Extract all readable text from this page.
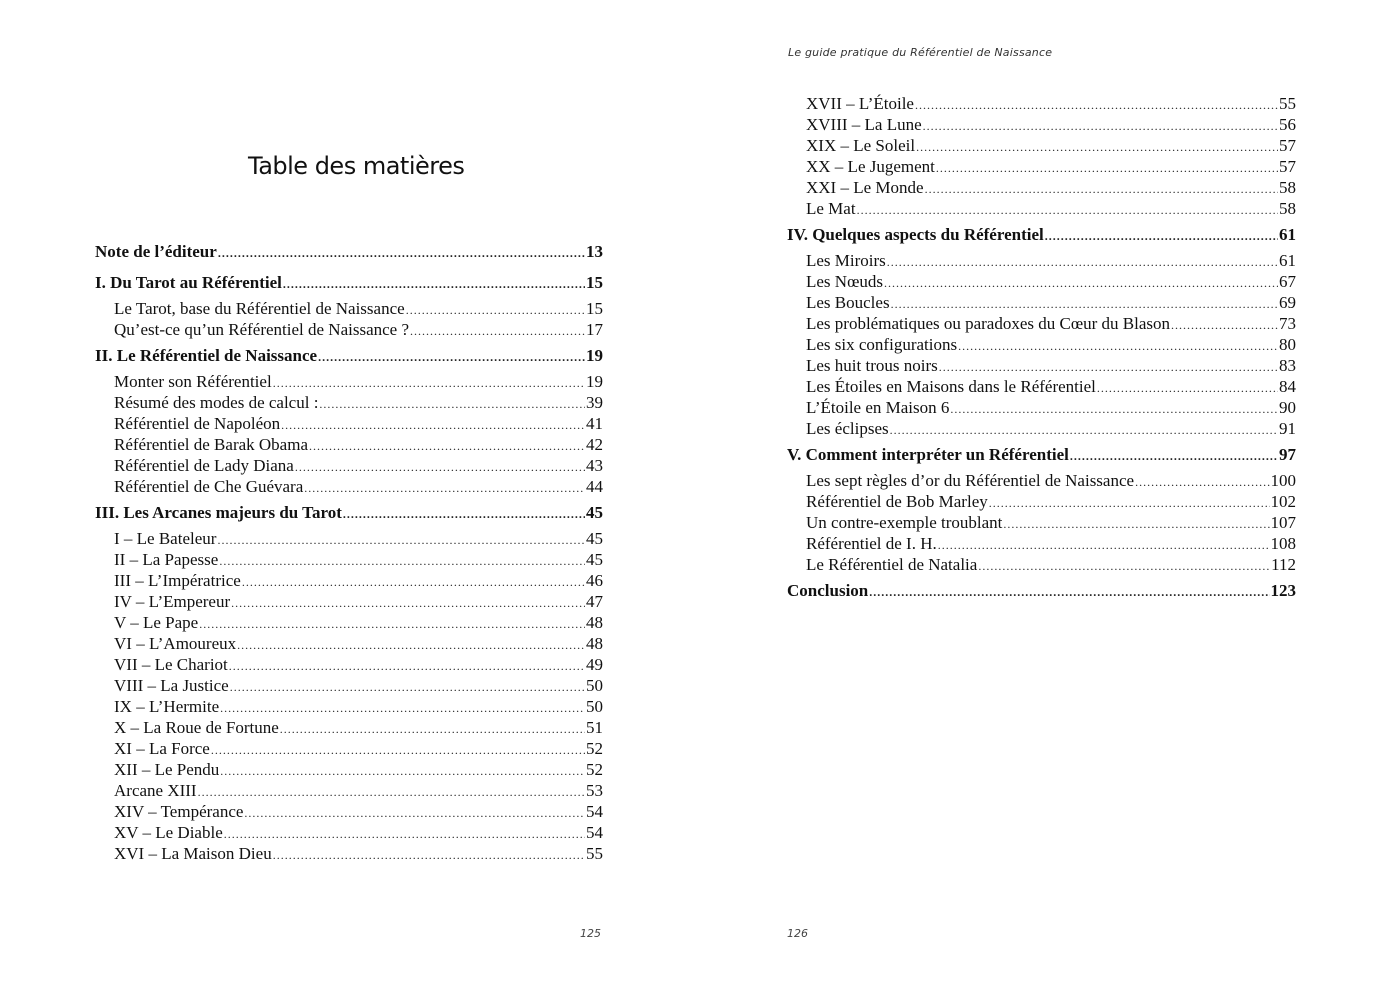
Table des matières
Note de l’éditeur .....	13
I. Du Tarot au Référentiel .....	15
Le Tarot, base du Référentiel de Naissance .....	15
Qu’est-ce qu’un Référentiel de Naissance ? .....	17
II. Le Référentiel de Naissance .....	19
Monter son Référentiel .....	19
Résumé des modes de calcul : .....	39
Référentiel de Napoléon .....	41
Référentiel de Barak Obama .....	42
Référentiel de Lady Diana .....	43
Référentiel de Che Guévara .....	44
III. Les Arcanes majeurs du Tarot .....	45
I – Le Bateleur .....	45
II – La Papesse .....	45
III – L’Impératrice .....	46
IV – L’Empereur .....	47
V – Le Pape .....	48
VI – L’Amoureux .....	48
VII – Le Chariot .....	49
VIII – La Justice .....	50
IX – L’Hermite .....	50
X – La Roue de Fortune .....	51
XI – La Force .....	52
XII – Le Pendu .....	52
Arcane XIII .....	53
XIV – Tempérance .....	54
XV – Le Diable .....	54
XVI – La Maison Dieu .....	55
125
Le guide pratique du Référentiel de Naissance
XVII – L’Étoile .....	55
XVIII – La Lune .....	56
XIX – Le Soleil .....	57
XX – Le Jugement .....	57
XXI – Le Monde .....	58
Le Mat .....	58
IV. Quelques aspects du Référentiel .....	61
Les Miroirs .....	61
Les Nœuds .....	67
Les Boucles .....	69
Les problématiques ou paradoxes du Cœur du Blason .....	73
Les six configurations .....	80
Les huit trous noirs .....	83
Les Étoiles en Maisons dans le Référentiel .....	84
L’Étoile en Maison 6 .....	90
Les éclipses .....	91
V. Comment interpréter un Référentiel .....	97
Les sept règles d’or du Référentiel de Naissance .....	100
Référentiel de Bob Marley .....	102
Un contre-exemple troublant .....	107
Référentiel de I. H. .....	108
Le Référentiel de Natalia .....	112
Conclusion .....	123
126
